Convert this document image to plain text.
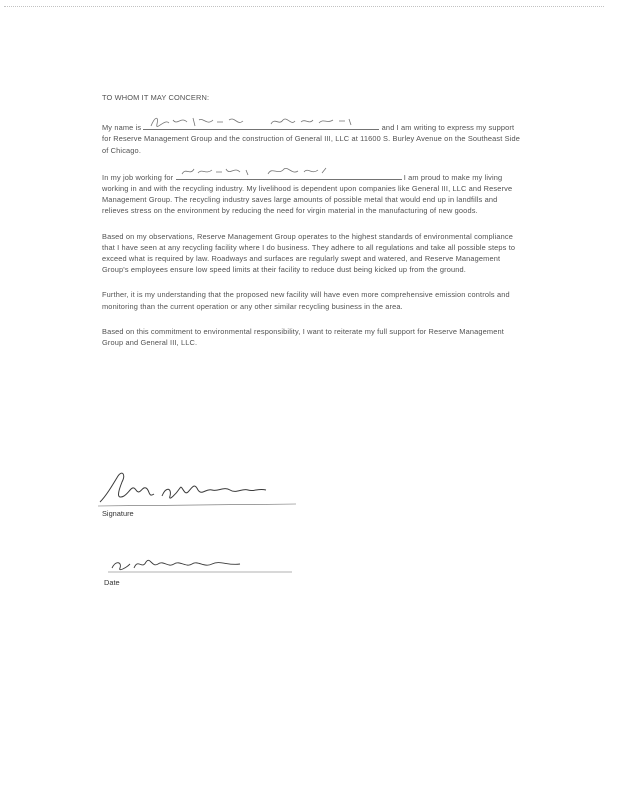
TO WHOM IT MAY CONCERN:

My name is	and I am writing to express my support for Reserve Management Group and the construction of General III, LLC at 11600 S. Burley Avenue on the Southeast Side of Chicago.

In my job working for	I am proud to make my living working in and with the recycling industry. My livelihood is dependent upon companies like General III, LLC and Reserve Management Group. The recycling industry saves large amounts of possible metal that would end up in landfills and relieves stress on the environment by reducing the need for virgin material in the manufacturing of new goods.

Based on my observations, Reserve Management Group operates to the highest standards of environmental compliance that I have seen at any recycling facility where I do business. They adhere to all regulations and take all possible steps to exceed what is required by law. Roadways and surfaces are regularly swept and watered, and Reserve Management Group's employees ensure low speed limits at their facility to reduce dust being kicked up from the ground.

Further, it is my understanding that the proposed new facility will have even more comprehensive emission controls and monitoring than the current operation or any other similar recycling business in the area.

Based on this commitment to environmental responsibility, I want to reiterate my full support for Reserve Management Group and General III, LLC.

Signature
Date
